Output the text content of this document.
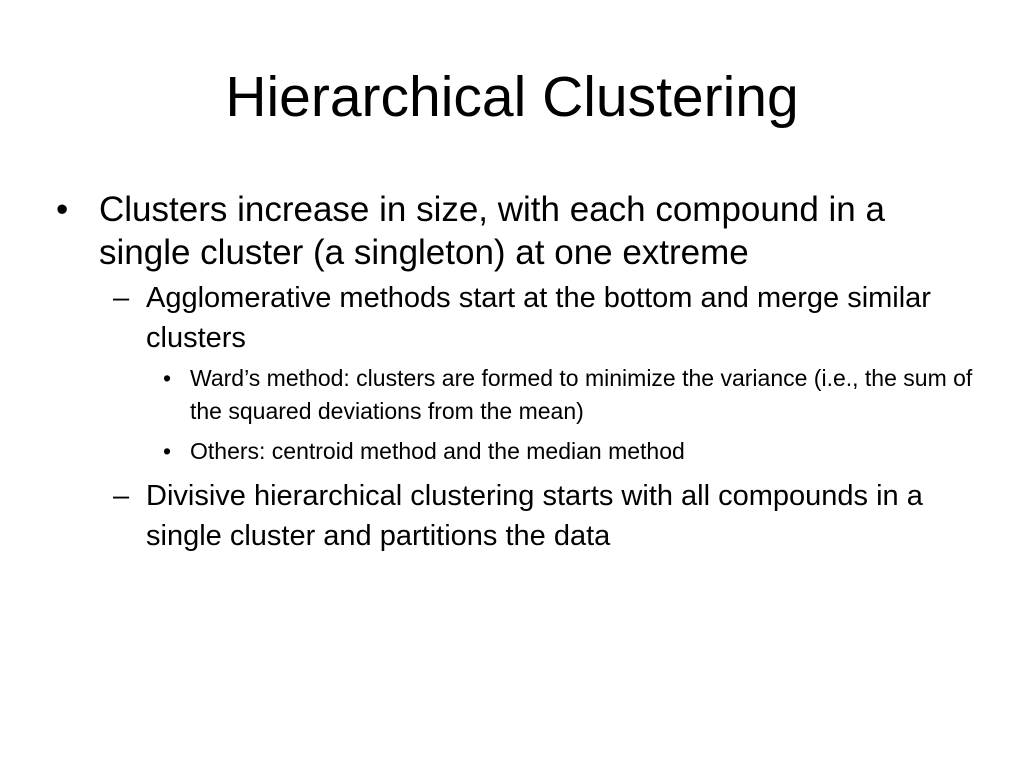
Hierarchical Clustering
• Clusters increase in size, with each compound in a single cluster (a singleton) at one extreme
– Agglomerative methods start at the bottom and merge similar clusters
• Ward’s method: clusters are formed to minimize the variance (i.e., the sum of the squared deviations from the mean)
• Others: centroid method and the median method
– Divisive hierarchical clustering starts with all compounds in a single cluster and partitions the data
